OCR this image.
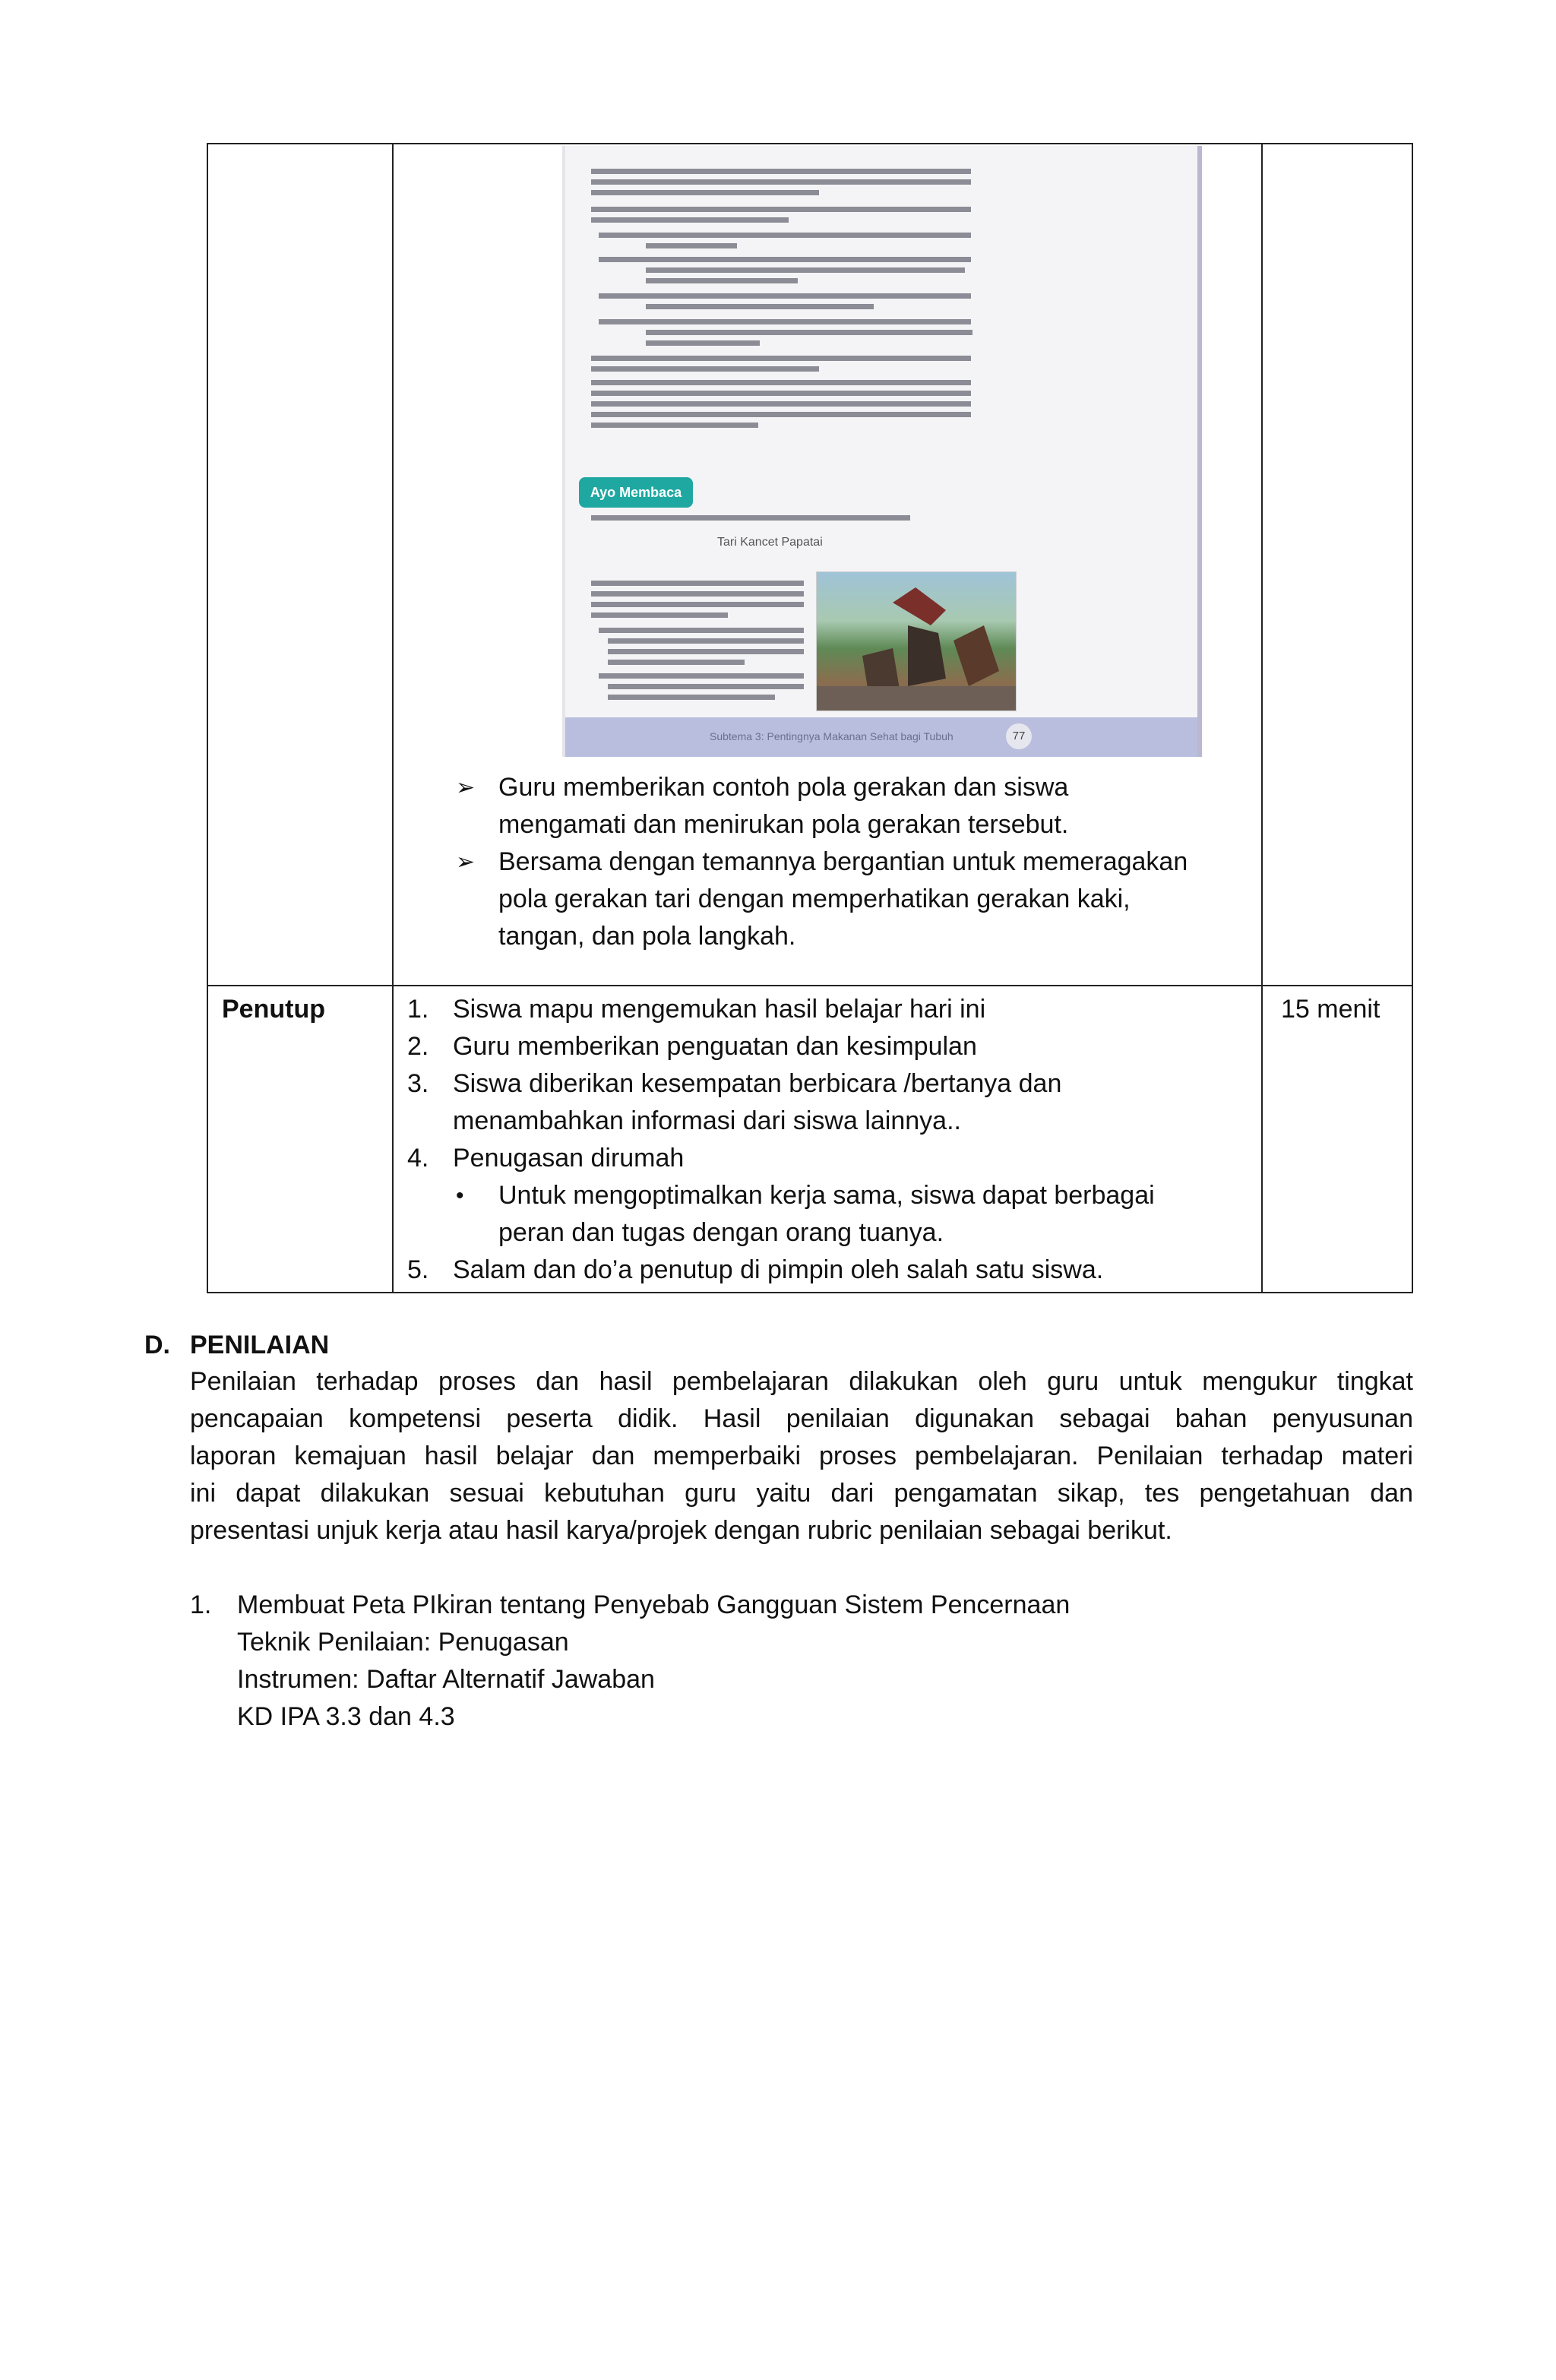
Ayo Membaca
Tari Kancet Papatai
Subtema 3: Pentingnya Makanan Sehat bagi Tubuh	77
➢ Guru memberikan contoh pola gerakan dan siswa
mengamati dan menirukan pola gerakan tersebut.
➢ Bersama dengan temannya bergantian untuk memeragakan
pola gerakan tari dengan memperhatikan gerakan kaki,
tangan, dan pola langkah.
Penutup	15 menit
1. Siswa mapu mengemukan hasil belajar hari ini
2. Guru memberikan penguatan dan kesimpulan
3. Siswa diberikan kesempatan berbicara /bertanya dan
menambahkan informasi dari siswa lainnya..
4. Penugasan dirumah
• Untuk mengoptimalkan kerja sama, siswa dapat berbagai
peran dan tugas dengan orang tuanya.
5. Salam dan do’a penutup di pimpin oleh salah satu siswa.
D. PENILAIAN
Penilaian terhadap proses dan hasil pembelajaran dilakukan oleh guru untuk mengukur tingkat
pencapaian kompetensi peserta didik. Hasil penilaian digunakan sebagai bahan penyusunan
laporan kemajuan hasil belajar dan memperbaiki proses pembelajaran. Penilaian terhadap materi
ini dapat dilakukan sesuai kebutuhan guru yaitu dari pengamatan sikap, tes pengetahuan dan
presentasi unjuk kerja atau hasil karya/projek dengan rubric penilaian sebagai berikut.
1. Membuat Peta PIkiran tentang Penyebab Gangguan Sistem Pencernaan
Teknik Penilaian: Penugasan
Instrumen: Daftar Alternatif Jawaban
KD IPA 3.3 dan 4.3
